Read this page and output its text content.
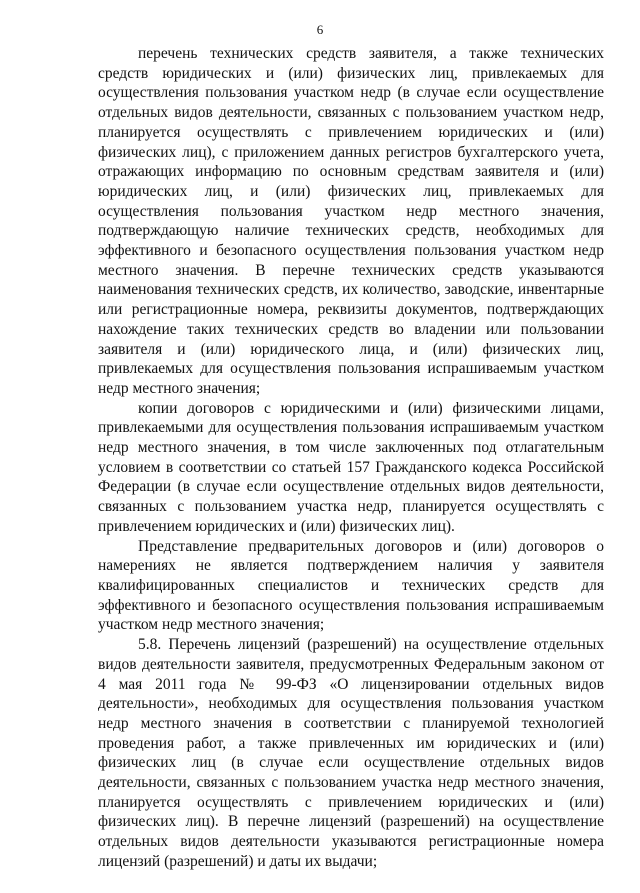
6

перечень технических средств заявителя, а также технических средств юридических и (или) физических лиц, привлекаемых для осуществления пользования участком недр (в случае если осуществление отдельных видов деятельности, связанных с пользованием участком недр, планируется осуществлять с привлечением юридических и (или) физических лиц), с приложением данных регистров бухгалтерского учета, отражающих информацию по основным средствам заявителя и (или) юридических лиц, и (или) физических лиц, привлекаемых для осуществления пользования участком недр местного значения, подтверждающую наличие технических средств, необходимых для эффективного и безопасного осуществления пользования участком недр местного значения. В перечне технических средств указываются наименования технических средств, их количество, заводские, инвентарные или регистрационные номера, реквизиты документов, подтверждающих нахождение таких технических средств во владении или пользовании заявителя и (или) юридического лица, и (или) физических лиц, привлекаемых для осуществления пользования испрашиваемым участком недр местного значения;

копии договоров с юридическими и (или) физическими лицами, привлекаемыми для осуществления пользования испрашиваемым участком недр местного значения, в том числе заключенных под отлагательным условием в соответствии со статьей 157 Гражданского кодекса Российской Федерации (в случае если осуществление отдельных видов деятельности, связанных с пользованием участка недр, планируется осуществлять с привлечением юридических и (или) физических лиц).

Представление предварительных договоров и (или) договоров о намерениях не является подтверждением наличия у заявителя квалифицированных специалистов и технических средств для эффективного и безопасного осуществления пользования испрашиваемым участком недр местного значения;

5.8. Перечень лицензий (разрешений) на осуществление отдельных видов деятельности заявителя, предусмотренных Федеральным законом от 4 мая 2011 года № 99-ФЗ «О лицензировании отдельных видов деятельности», необходимых для осуществления пользования участком недр местного значения в соответствии с планируемой технологией проведения работ, а также привлеченных им юридических и (или) физических лиц (в случае если осуществление отдельных видов деятельности, связанных с пользованием участка недр местного значения, планируется осуществлять с привлечением юридических и (или) физических лиц). В перечне лицензий (разрешений) на осуществление отдельных видов деятельности указываются регистрационные номера лицензий (разрешений) и даты их выдачи;
